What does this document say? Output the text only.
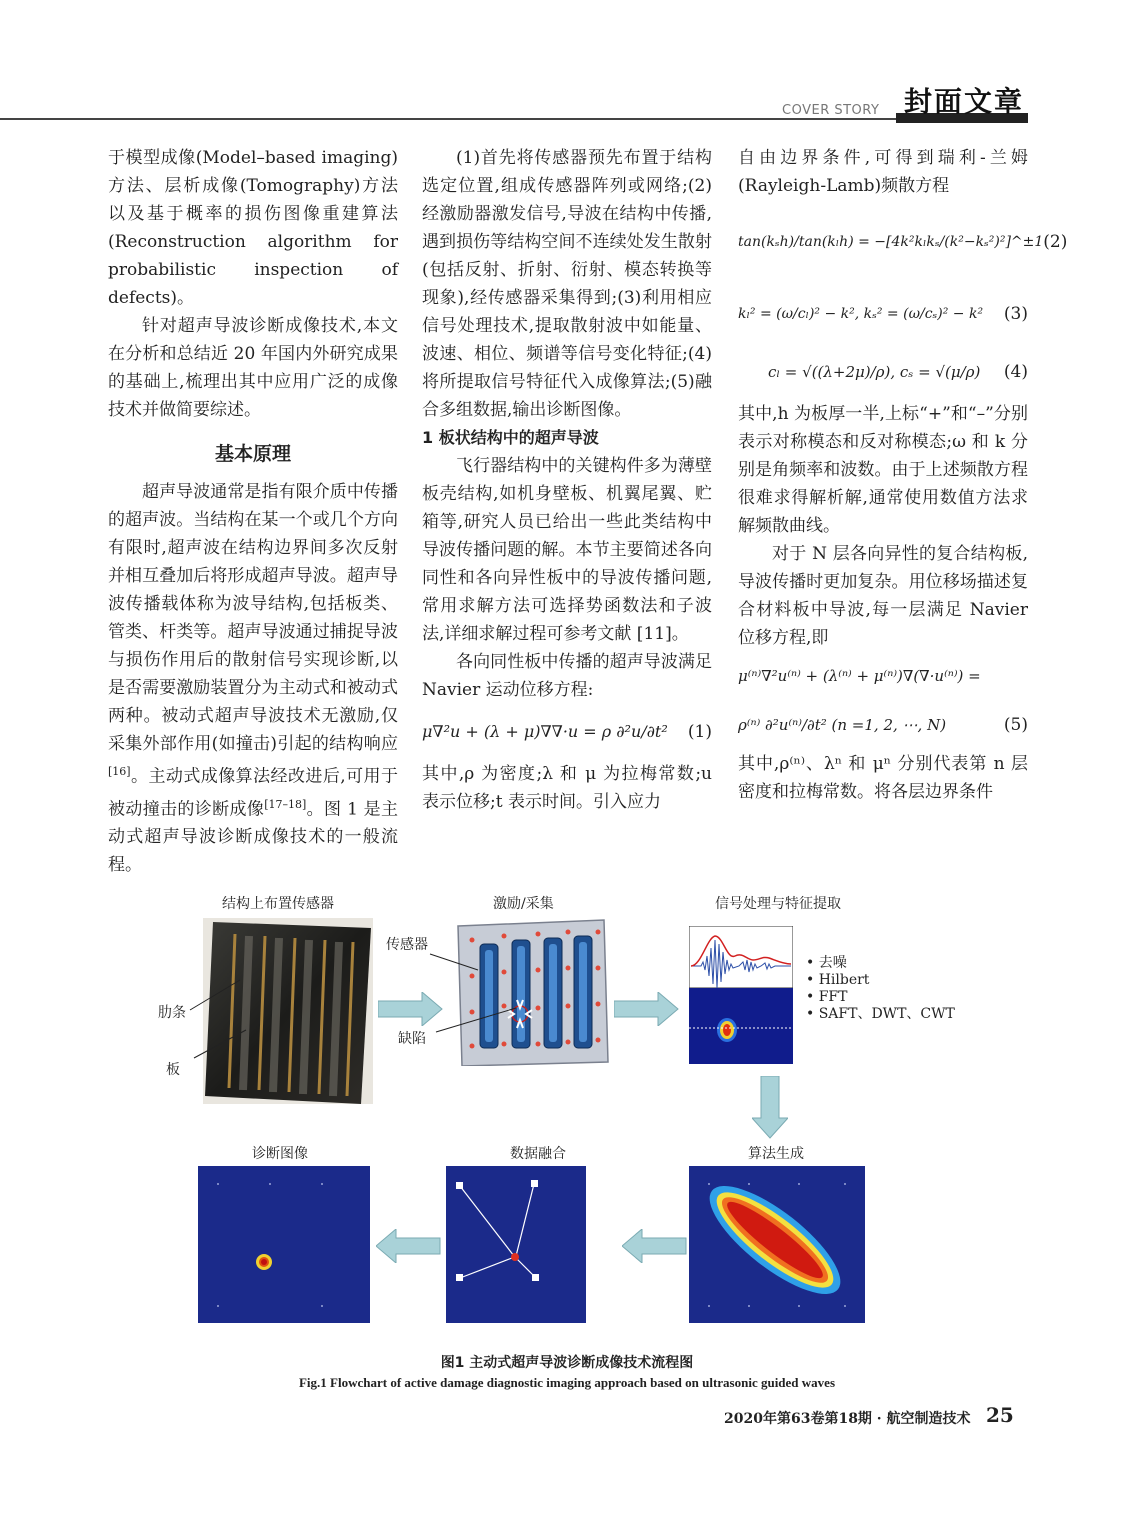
COVER STORY 封面文章

于模型成像(Model–based imaging)方法、层析成像(Tomography)方法以及基于概率的损伤图像重建算法(Reconstruction algorithm for probabilistic inspection of defects)。

针对超声导波诊断成像技术,本文在分析和总结近 20 年国内外研究成果的基础上,梳理出其中应用广泛的成像技术并做简要综述。

基本原理

超声导波通常是指有限介质中传播的超声波。当结构在某一个或几个方向有限时,超声波在结构边界间多次反射并相互叠加后将形成超声导波。超声导波传播载体称为波导结构,包括板类、管类、杆类等。超声导波通过捕捉导波与损伤作用后的散射信号实现诊断,以是否需要激励装置分为主动式和被动式两种。被动式超声导波技术无激励,仅采集外部作用(如撞击)引起的结构响应[16]。主动式成像算法经改进后,可用于被动撞击的诊断成像[17–18]。图 1 是主动式超声导波诊断成像技术的一般流程。

(1)首先将传感器预先布置于结构选定位置,组成传感器阵列或网络;(2)经激励器激发信号,导波在结构中传播,遇到损伤等结构空间不连续处发生散射(包括反射、折射、衍射、模态转换等现象),经传感器采集得到;(3)利用相应信号处理技术,提取散射波中如能量、波速、相位、频谱等信号变化特征;(4)将所提取信号特征代入成像算法;(5)融合多组数据,输出诊断图像。

1 板状结构中的超声导波

飞行器结构中的关键构件多为薄壁板壳结构,如机身壁板、机翼尾翼、贮箱等,研究人员已给出一些此类结构中导波传播问题的解。本节主要简述各向同性和各向异性板中的导波传播问题,常用求解方法可选择势函数法和子波法,详细求解过程可参考文献 [11]。

各向同性板中传播的超声导波满足 Navier 运动位移方程:

μ∇²u + (λ + μ)∇∇·u = ρ ∂²u/∂t² (1)

其中,ρ 为密度;λ 和 μ 为拉梅常数;u 表示位移;t 表示时间。引入应力

自由边界条件,可得到瑞利-兰姆(Rayleigh-Lamb)频散方程

tan(kₛh)/tan(kₗh) = −[4k²kₗkₛ/(k²−kₛ²)²]^±1 (2)
kₗ² = (ω/cₗ)² − k², kₛ² = (ω/cₛ)² − k² (3)
cₗ = √((λ+2μ)/ρ), cₛ = √(μ/ρ) (4)

其中,h 为板厚一半,上标“+”和“–”分别表示对称模态和反对称模态;ω 和 k 分别是角频率和波数。由于上述频散方程很难求得解析解,通常使用数值方法求解频散曲线。

对于 N 层各向异性的复合结构板,导波传播时更加复杂。用位移场描述复合材料板中导波,每一层满足 Navier 位移方程,即

μ⁽ⁿ⁾∇²u⁽ⁿ⁾ + (λ⁽ⁿ⁾ + μ⁽ⁿ⁾)∇(∇·u⁽ⁿ⁾) =
ρ⁽ⁿ⁾ ∂²u⁽ⁿ⁾/∂t² (n =1, 2, ⋯, N)	(5)

其中,ρ⁽ⁿ⁾、λⁿ 和 μⁿ 分别代表第 n 层密度和拉梅常数。将各层边界条件

结构上布置传感器	激励/采集	信号处理与特征提取
算法生成
数据融合
诊断图像
肋条
板
传感器
缺陷
• 去噪
• Hilbert
• FFT
• SAFT、DWT、CWT
图1 主动式超声导波诊断成像技术流程图
Fig.1 Flowchart of active damage diagnostic imaging approach based on ultrasonic guided waves
2020年第63卷第18期 · 航空制造技术 25
